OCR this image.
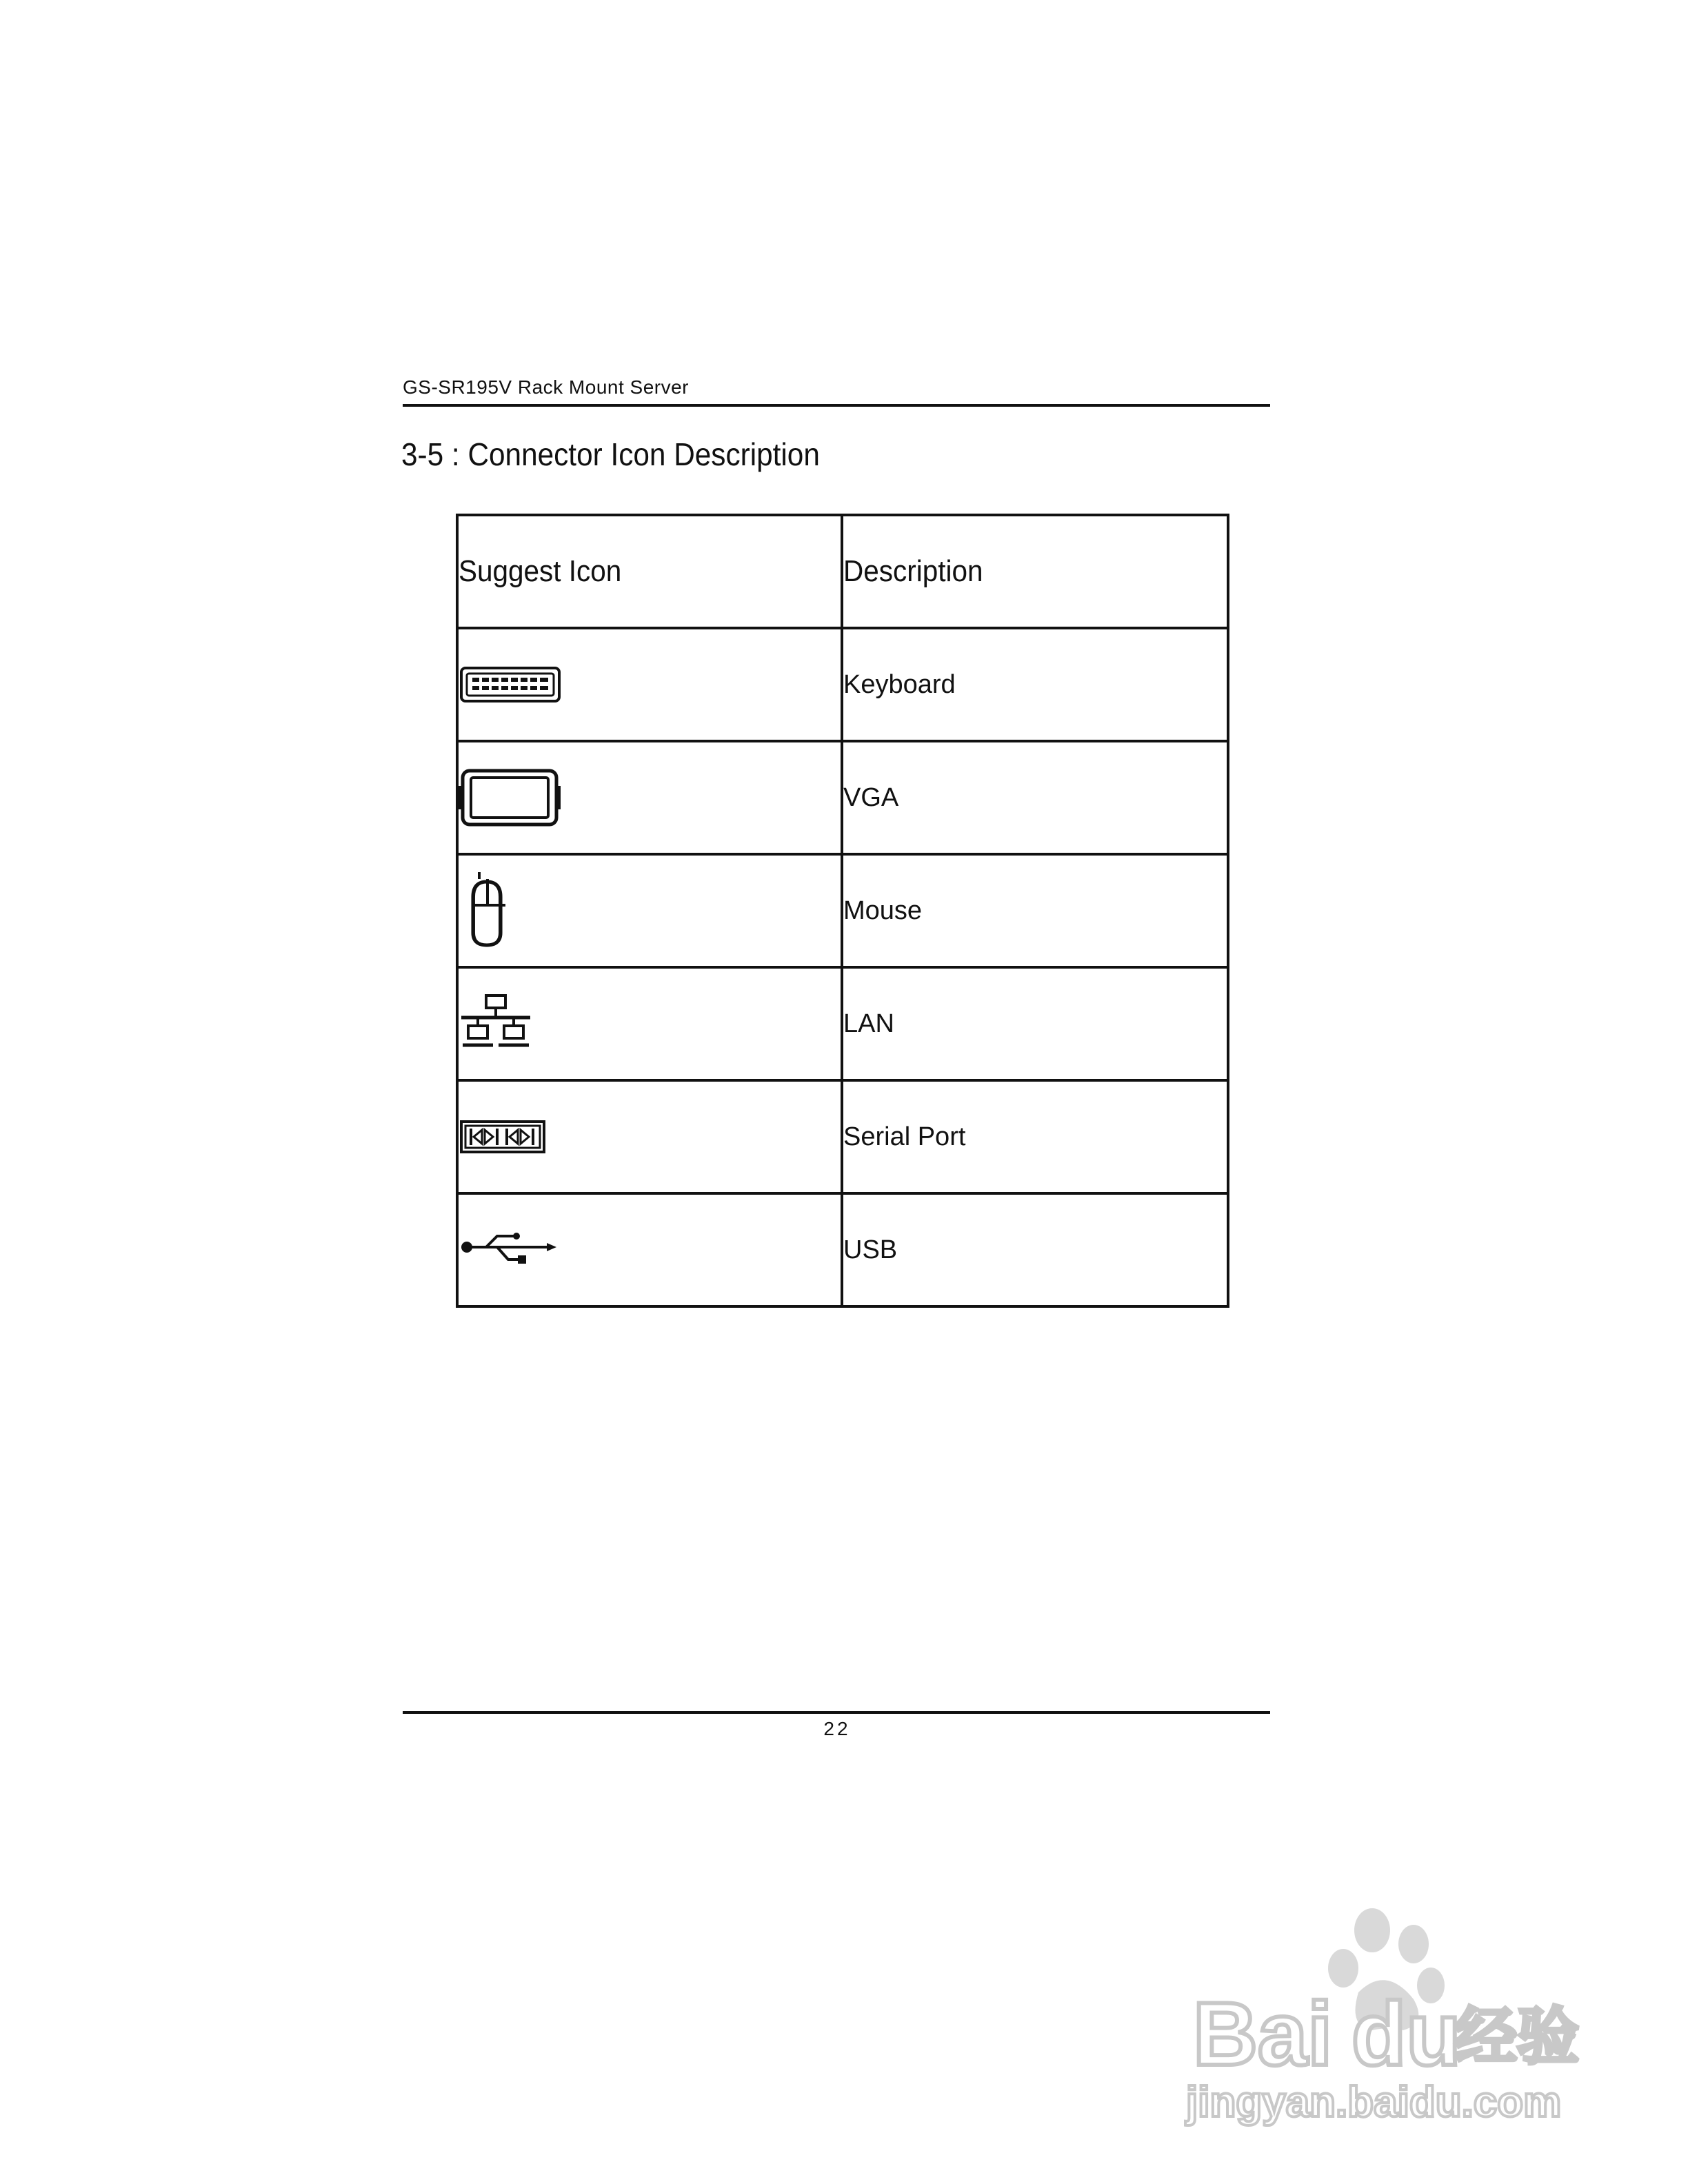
GS-SR195V Rack Mount Server
3-5 : Connector Icon Description
Suggest Icon	Description

	Keyboard

	VGA

	Mouse

	LAN

	Serial Port

	USB
22
Bai du
经验
jingyan.baidu.com
